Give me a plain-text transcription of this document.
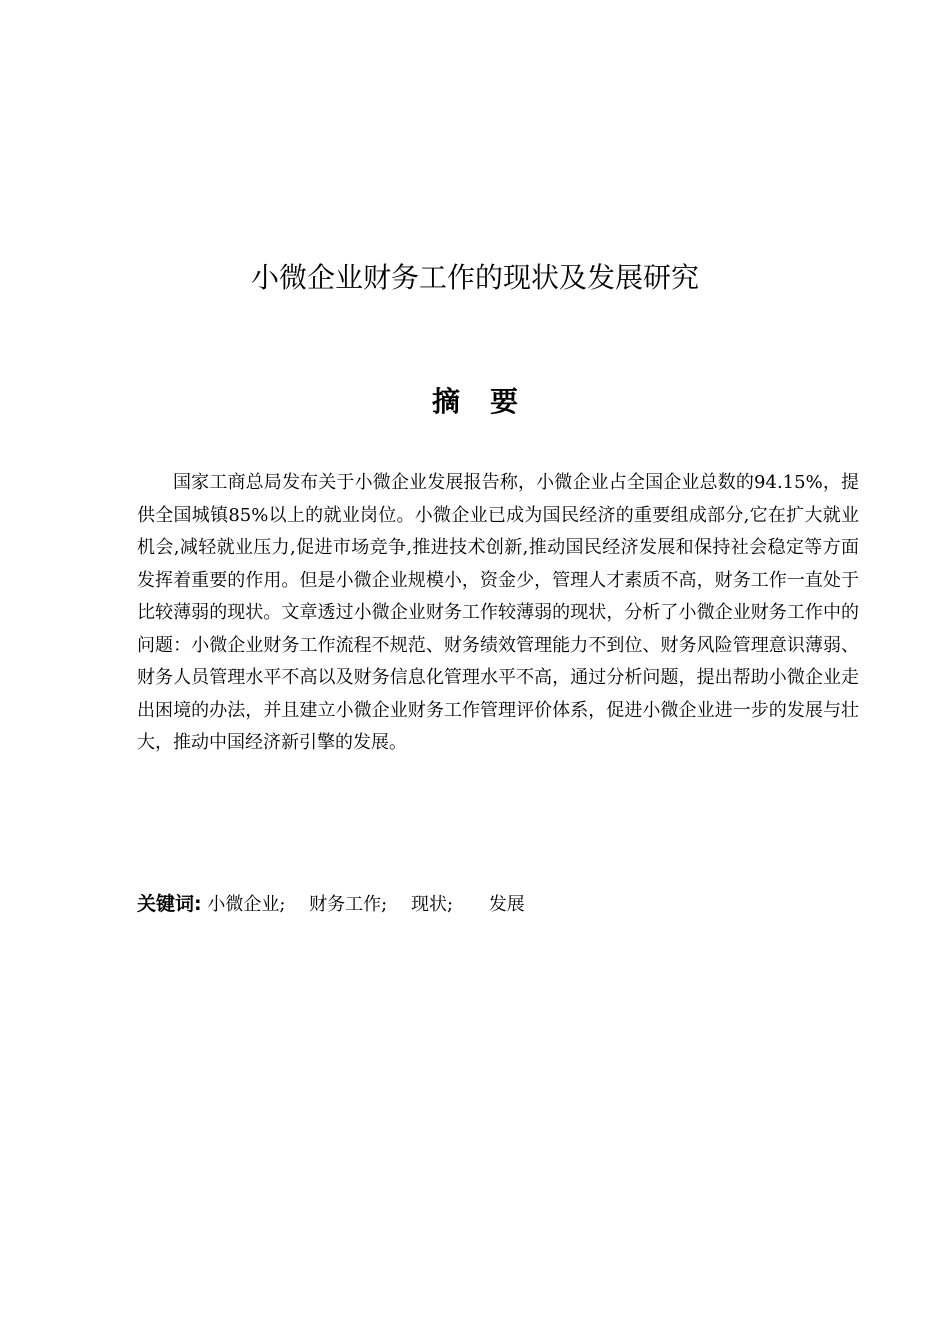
小微企业财务工作的现状及发展研究
摘 要

国家工商总局发布关于小微企业发展报告称，小微企业占全国企业总数的94.15%，提供全国城镇85%以上的就业岗位。小微企业已成为国民经济的重要组成部分,它在扩大就业机会,减轻就业压力,促进市场竞争,推进技术创新,推动国民经济发展和保持社会稳定等方面发挥着重要的作用。但是小微企业规模小，资金少，管理人才素质不高，财务工作一直处于比较薄弱的现状。文章透过小微企业财务工作较薄弱的现状，分析了小微企业财务工作中的问题：小微企业财务工作流程不规范、财务绩效管理能力不到位、财务风险管理意识薄弱、财务人员管理水平不高以及财务信息化管理水平不高，通过分析问题，提出帮助小微企业走出困境的办法，并且建立小微企业财务工作管理评价体系，促进小微企业进一步的发展与壮大，推动中国经济新引擎的发展。

关键词: 小微企业; 财务工作; 现状; 发展
